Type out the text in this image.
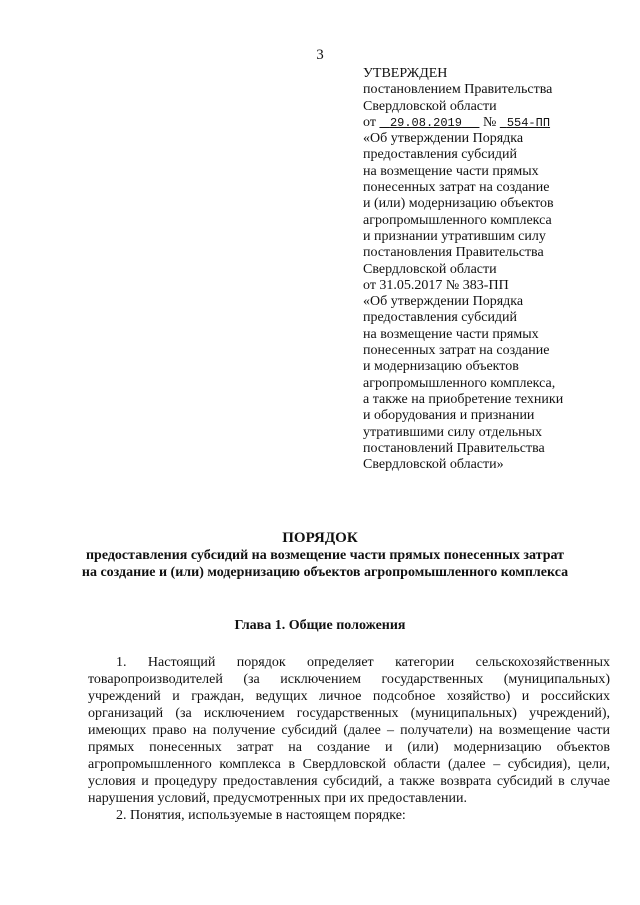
3
УТВЕРЖДЕН
постановлением Правительства
Свердловской области
от 29.08.2019 № 554-ПП
«Об утверждении Порядка
предоставления субсидий
на возмещение части прямых
понесенных затрат на создание
и (или) модернизацию объектов
агропромышленного комплекса
и признании утратившим силу
постановления Правительства
Свердловской области
от 31.05.2017 № 383-ПП
«Об утверждении Порядка
предоставления субсидий
на возмещение части прямых
понесенных затрат на создание
и модернизацию объектов
агропромышленного комплекса,
а также на приобретение техники
и оборудования и признании
утратившими силу отдельных
постановлений Правительства
Свердловской области»
ПОРЯДОК
предоставления субсидий на возмещение части прямых понесенных затрат
на создание и (или) модернизацию объектов агропромышленного комплекса
Глава 1. Общие положения

1. Настоящий порядок определяет категории сельскохозяйственных товаропроизводителей (за исключением государственных (муниципальных) учреждений и граждан, ведущих личное подсобное хозяйство) и российских организаций (за исключением государственных (муниципальных) учреждений), имеющих право на получение субсидий (далее – получатели) на возмещение части прямых понесенных затрат на создание и (или) модернизацию объектов агропромышленного комплекса в Свердловской области (далее – субсидия), цели, условия и процедуру предоставления субсидий, а также возврата субсидий в случае нарушения условий, предусмотренных при их предоставлении.

2. Понятия, используемые в настоящем порядке:
